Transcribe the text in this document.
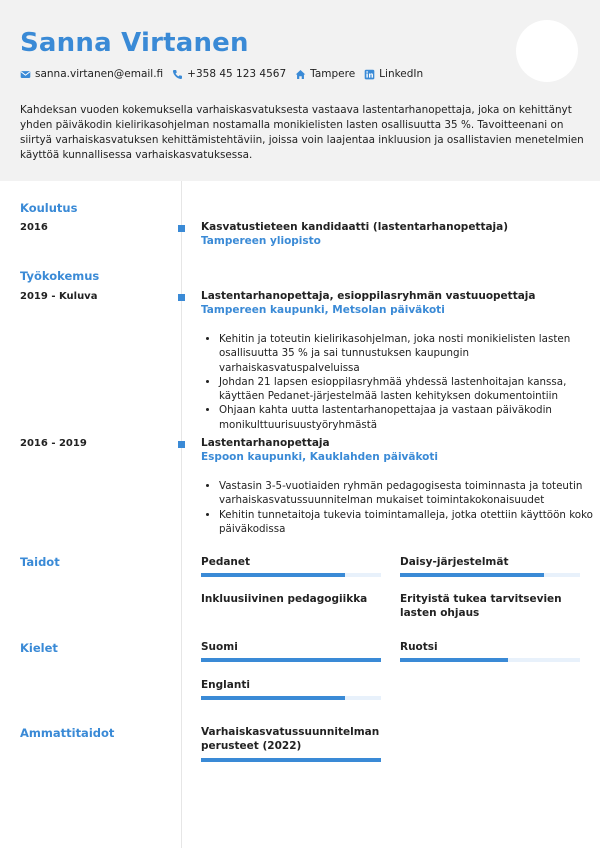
Sanna Virtanen
sanna.virtanen@email.fi +358 45 123 4567 Tampere LinkedIn
Kahdeksan vuoden kokemuksella varhaiskasvatuksesta vastaava lastentarhanopettaja, joka on kehittänyt yhden päiväkodin kielirikasohjelman nostamalla monikielisten lasten osallisuutta 35 %. Tavoitteenani on siirtyä varhaiskasvatuksen kehittämistehtäviin, joissa voin laajentaa inkluusion ja osallistavien menetelmien käyttöä kunnallisessa varhaiskasvatuksessa.
Koulutus
2016	Kasvatustieteen kandidaatti (lastentarhanopettaja)
Tampereen yliopisto
Työkokemus
2019 - Kuluva	Lastentarhanopettaja, esioppilasryhmän vastuuopettaja
Tampereen kaupunki, Metsolan päiväkoti
• Kehitin ja toteutin kielirikasohjelman, joka nosti monikielisten lasten osallisuutta 35 % ja sai tunnustuksen kaupungin varhaiskasvatuspalveluissa
• Johdan 21 lapsen esioppilasryhmää yhdessä lastenhoitajan kanssa, käyttäen Pedanet-järjestelmää lasten kehityksen dokumentointiin
• Ohjaan kahta uutta lastentarhanopettajaa ja vastaan päiväkodin monikulttuurisuustyöryhmästä
2016 - 2019	Lastentarhanopettaja
Espoon kaupunki, Kauklahden päiväkoti
• Vastasin 3-5-vuotiaiden ryhmän pedagogisesta toiminnasta ja toteutin varhaiskasvatussuunnitelman mukaiset toimintakokonaisuudet
• Kehitin tunnetaitoja tukevia toimintamalleja, jotka otettiin käyttöön koko päiväkodissa
Taidot	Pedanet	Daisy-järjestelmät
Inkluusiivinen pedagogiikka	Erityistä tukea tarvitsevien lasten ohjaus
Kielet	Suomi	Ruotsi
Englanti
Ammattitaidot	Varhaiskasvatussuunnitelman perusteet (2022)
